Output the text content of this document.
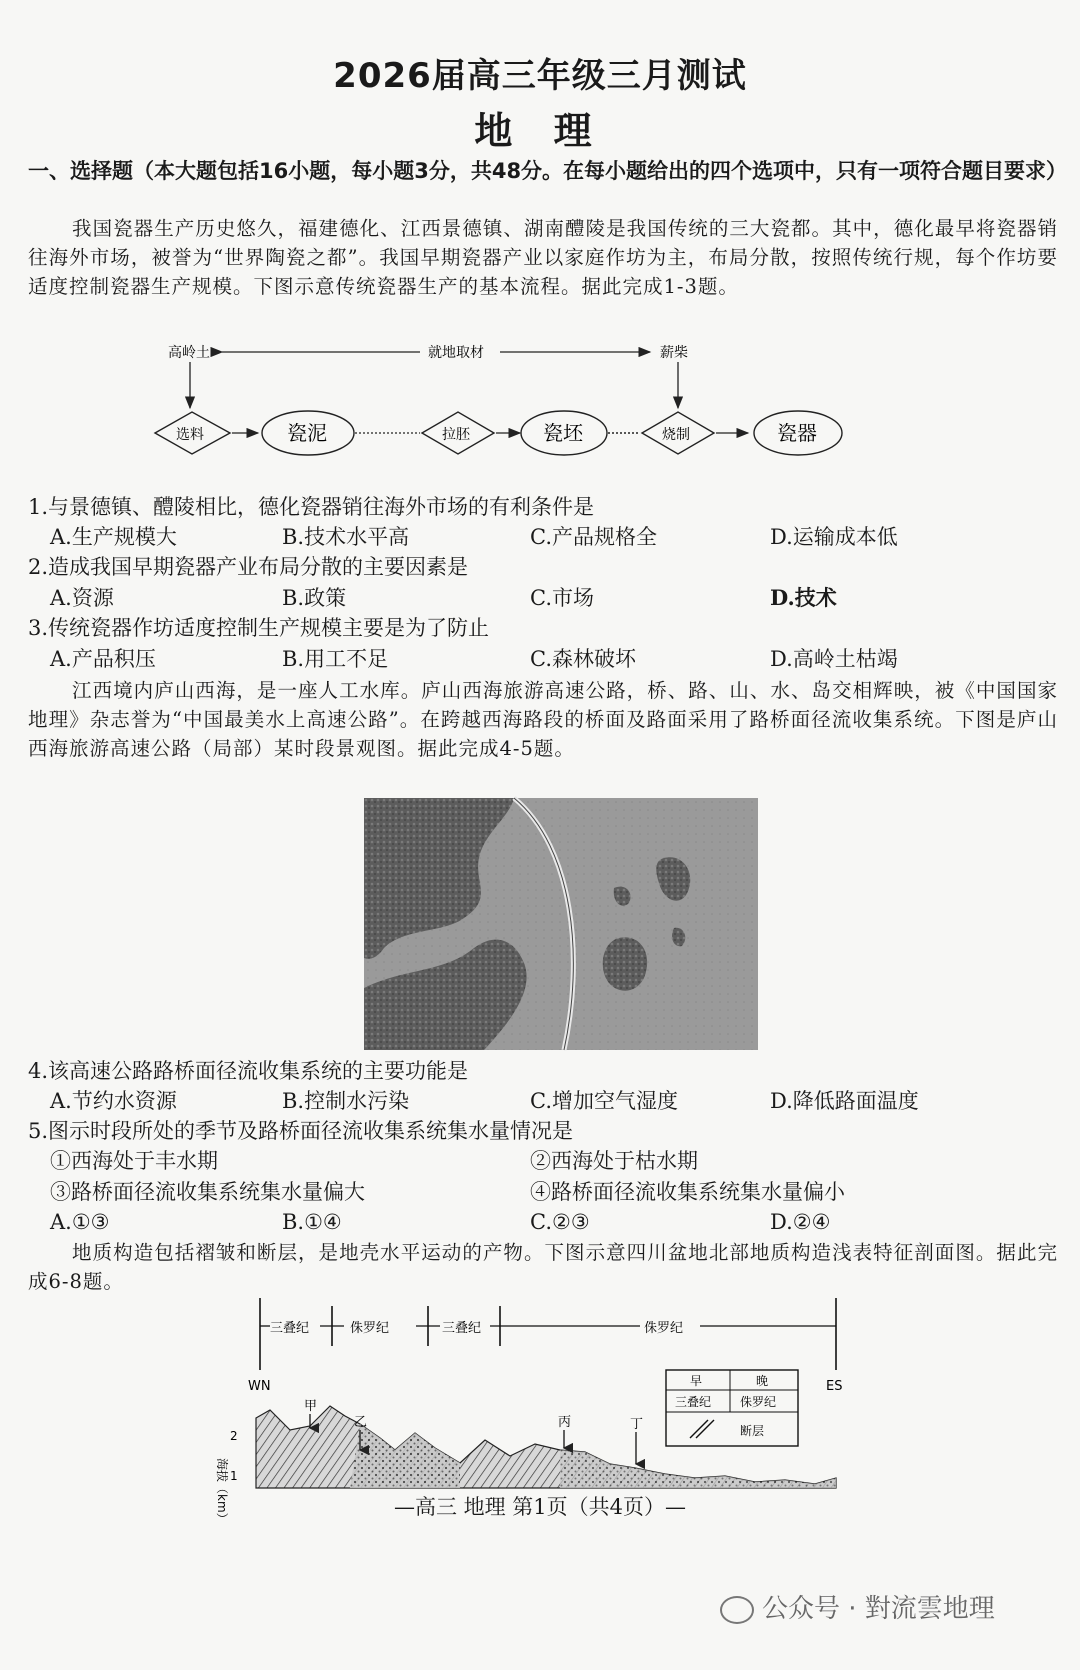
2026届高三年级三月测试
地 理
一、选择题（本大题包括16小题，每小题3分，共48分。在每小题给出的四个选项中，只有一项符合题目要求）
我国瓷器生产历史悠久，福建德化、江西景德镇、湖南醴陵是我国传统的三大瓷都。其中，德化最早将瓷器销往海外市场，被誉为“世界陶瓷之都”。我国早期瓷器产业以家庭作坊为主，布局分散，按照传统行规，每个作坊要适度控制瓷器生产规模。下图示意传统瓷器生产的基本流程。据此完成1-3题。
高岭土	就地取材	薪柴
选料	瓷泥	拉胚	瓷坯	烧制	瓷器
1.与景德镇、醴陵相比，德化瓷器销往海外市场的有利条件是
A.生产规模大	B.技术水平高	C.产品规格全	D.运输成本低
2.造成我国早期瓷器产业布局分散的主要因素是
A.资源	B.政策	C.市场	D.技术
3.传统瓷器作坊适度控制生产规模主要是为了防止
A.产品积压	B.用工不足	C.森林破坏	D.高岭土枯竭
江西境内庐山西海，是一座人工水库。庐山西海旅游高速公路，桥、路、山、水、岛交相辉映，被《中国国家地理》杂志誉为“中国最美水上高速公路”。在跨越西海路段的桥面及路面采用了路桥面径流收集系统。下图是庐山西海旅游高速公路（局部）某时段景观图。据此完成4-5题。
4.该高速公路路桥面径流收集系统的主要功能是
A.节约水资源	B.控制水污染	C.增加空气湿度	D.降低路面温度
5.图示时段所处的季节及路桥面径流收集系统集水量情况是
①西海处于丰水期	②西海处于枯水期
③路桥面径流收集系统集水量偏大	④路桥面径流收集系统集水量偏小
A.①③	B.①④	C.②③	D.②④
地质构造包括褶皱和断层，是地壳水平运动的产物。下图示意四川盆地北部地质构造浅表特征剖面图。据此完成6-8题。
三叠纪	侏罗纪	三叠纪	侏罗纪
WN	ES
2
1
海拔（km）
甲
乙	丙	丁
早	晚
三叠纪 侏罗纪
断层
—高三 地理 第1页（共4页）—
公众号 · 對流雲地理
